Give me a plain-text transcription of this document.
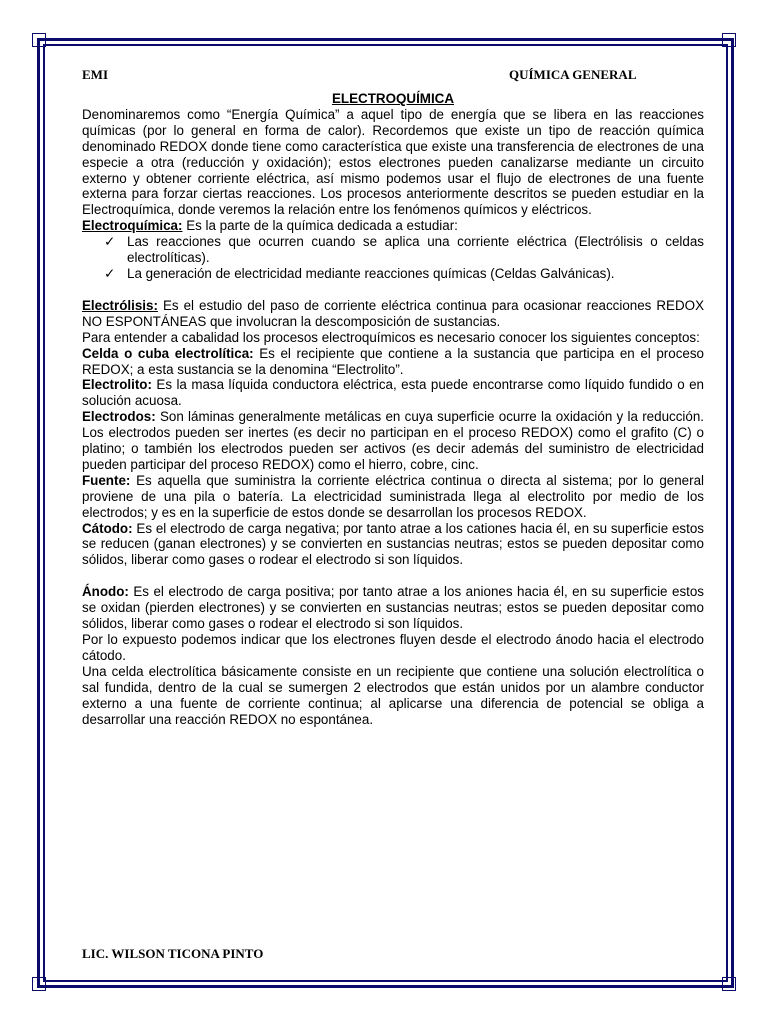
EMI	QUÍMICA GENERAL

ELECTROQUÍMICA

Denominaremos como “Energía Química” a aquel tipo de energía que se libera en las reacciones químicas (por lo general en forma de calor). Recordemos que existe un tipo de reacción química denominado REDOX donde tiene como característica que existe una transferencia de electrones de una especie a otra (reducción y oxidación); estos electrones pueden canalizarse mediante un circuito externo y obtener corriente eléctrica, así mismo podemos usar el flujo de electrones de una fuente externa para forzar ciertas reacciones. Los procesos anteriormente descritos se pueden estudiar en la Electroquímica, donde veremos la relación entre los fenómenos químicos y eléctricos.

Electroquímica: Es la parte de la química dedicada a estudiar:

✓ Las reacciones que ocurren cuando se aplica una corriente eléctrica (Electrólisis o celdas electrolíticas).
✓ La generación de electricidad mediante reacciones químicas (Celdas Galvánicas).

Electrólisis: Es el estudio del paso de corriente eléctrica continua para ocasionar reacciones REDOX NO ESPONTÁNEAS que involucran la descomposición de sustancias.

Para entender a cabalidad los procesos electroquímicos es necesario conocer los siguientes conceptos:

Celda o cuba electrolítica: Es el recipiente que contiene a la sustancia que participa en el proceso REDOX; a esta sustancia se la denomina “Electrolito”.

Electrolito: Es la masa líquida conductora eléctrica, esta puede encontrarse como líquido fundido o en solución acuosa.

Electrodos: Son láminas generalmente metálicas en cuya superficie ocurre la oxidación y la reducción. Los electrodos pueden ser inertes (es decir no participan en el proceso REDOX) como el grafito (C) o platino; o también los electrodos pueden ser activos (es decir además del suministro de electricidad pueden participar del proceso REDOX) como el hierro, cobre, cinc.

Fuente: Es aquella que suministra la corriente eléctrica continua o directa al sistema; por lo general proviene de una pila o batería. La electricidad suministrada llega al electrolito por medio de los electrodos; y es en la superficie de estos donde se desarrollan los procesos REDOX.

Cátodo: Es el electrodo de carga negativa; por tanto atrae a los cationes hacia él, en su superficie estos se reducen (ganan electrones) y se convierten en sustancias neutras; estos se pueden depositar como sólidos, liberar como gases o rodear el electrodo si son líquidos.

Ánodo: Es el electrodo de carga positiva; por tanto atrae a los aniones hacia él, en su superficie estos se oxidan (pierden electrones) y se convierten en sustancias neutras; estos se pueden depositar como sólidos, liberar como gases o rodear el electrodo si son líquidos.

Por lo expuesto podemos indicar que los electrones fluyen desde el electrodo ánodo hacia el electrodo cátodo.

Una celda electrolítica básicamente consiste en un recipiente que contiene una solución electrolítica o sal fundida, dentro de la cual se sumergen 2 electrodos que están unidos por un alambre conductor externo a una fuente de corriente continua; al aplicarse una diferencia de potencial se obliga a desarrollar una reacción REDOX no espontánea.

LIC. WILSON TICONA PINTO
